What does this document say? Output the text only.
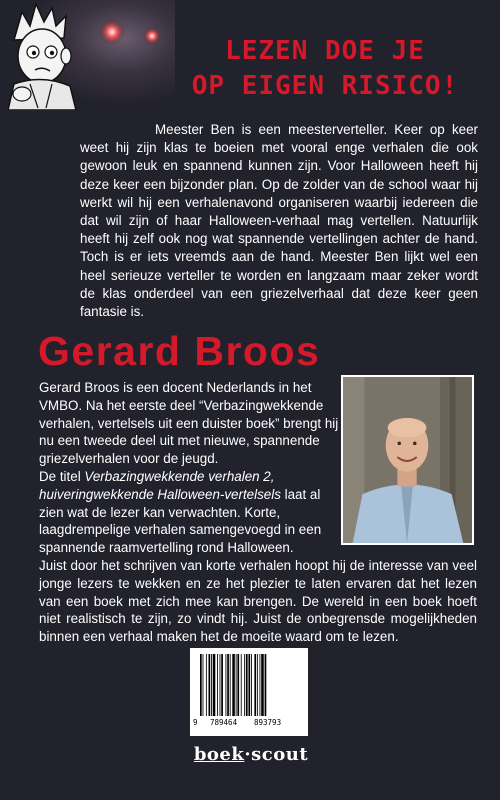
LEZEN DOE JE
OP EIGEN RISICO!

Meester Ben is een meesterverteller. Keer op keer weet hij zijn klas te boeien met vooral enge verhalen die ook gewoon leuk en spannend kunnen zijn. Voor Halloween heeft hij deze keer een bijzonder plan. Op de zolder van de school waar hij werkt wil hij een verhalenavond organiseren waarbij iedereen die dat wil zijn of haar Halloween-verhaal mag vertellen. Natuurlijk heeft hij zelf ook nog wat spannende vertellingen achter de hand. Toch is er iets vreemds aan de hand. Meester Ben lijkt wel een heel serieuze verteller te worden en langzaam maar zeker wordt de klas onderdeel van een griezelverhaal dat deze keer geen fantasie is.

Gerard Broos

Gerard Broos is een docent Nederlands in het VMBO. Na het eerste deel “Verbazingwekkende verhalen, vertelsels uit een duister boek” brengt hij nu een tweede deel uit met nieuwe, spannende griezelverhalen voor de jeugd.

De titel Verbazingwekkende verhalen 2, huiveringwekkende Halloween-vertelsels laat al zien wat de lezer kan verwachten. Korte, laagdrempelige verhalen samengevoegd in een spannende raamvertelling rond Halloween.

Juist door het schrijven van korte verhalen hoopt hij de interesse van veel jonge lezers te wekken en ze het plezier te laten ervaren dat het lezen van een boek met zich mee kan brengen. De wereld in een boek hoeft niet realistisch te zijn, zo vindt hij. Juist de onbegrensde mogelijkheden binnen een verhaal maken het de moeite waard om te lezen.

9 789464 893793
boek·scout
